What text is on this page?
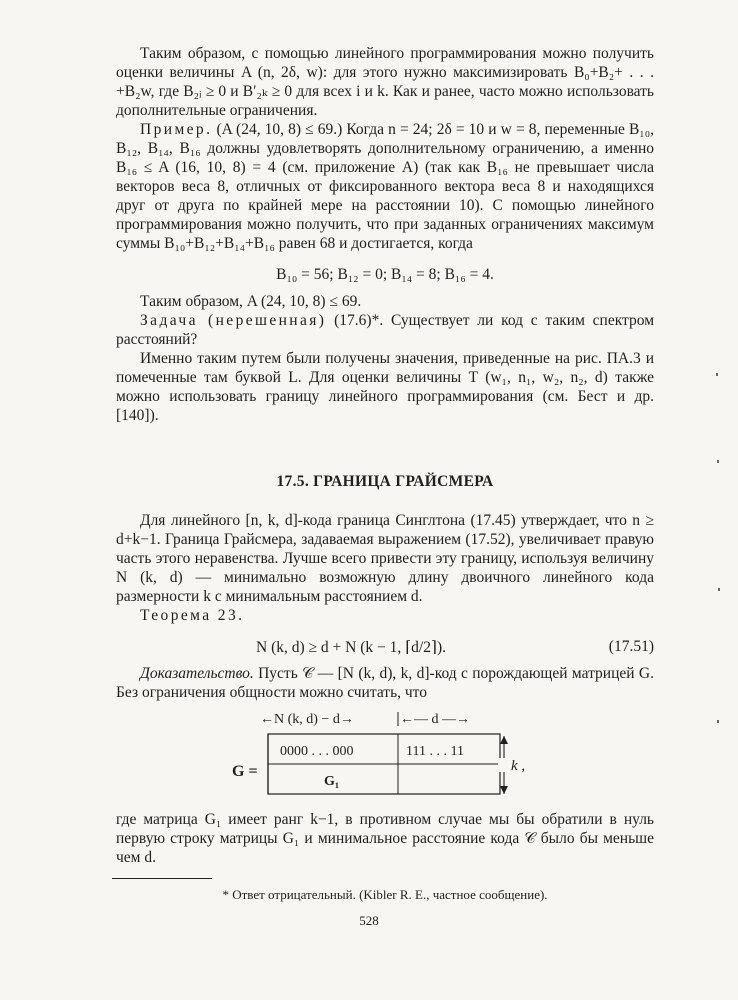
Таким образом, с помощью линейного программирования можно получить оценки величины A (n, 2δ, w): для этого нужно максимизировать B₀+B₂+ . . . +B₂w, где B₂ᵢ ≥ 0 и B′₂ₖ ≥ 0 для всех i и k. Как и ранее, часто можно использовать дополнительные ограничения.

Пример. (A (24, 10, 8) ≤ 69.) Когда n = 24; 2δ = 10 и w = 8, переменные B₁₀, B₁₂, B₁₄, B₁₆ должны удовлетворять дополнительному ограничению, а именно B₁₆ ≤ A (16, 10, 8) = 4 (см. приложение А) (так как B₁₆ не превышает числа векторов веса 8, отличных от фиксированного вектора веса 8 и находящихся друг от друга по крайней мере на расстоянии 10). С помощью линейного программирования можно получить, что при заданных ограничениях максимум суммы B₁₀+B₁₂+B₁₄+B₁₆ равен 68 и достигается, когда

B₁₀ = 56; B₁₂ = 0; B₁₄ = 8; B₁₆ = 4.

Таким образом, A (24, 10, 8) ≤ 69.

Задача (нерешенная) (17.6)*. Существует ли код с таким спектром расстояний?

Именно таким путем были получены значения, приведенные на рис. ПА.3 и помеченные там буквой L. Для оценки величины T (w₁, n₁, w₂, n₂, d) также можно использовать границу линейного программирования (см. Бест и др. [140]).

17.5. ГРАНИЦА ГРАЙСМЕРА

Для линейного [n, k, d]-кода граница Синглтона (17.45) утверждает, что n ≥ d+k−1. Граница Грайсмера, задаваемая выражением (17.52), увеличивает правую часть этого неравенства. Лучше всего привести эту границу, используя величину N (k, d) — минимально возможную длину двоичного линейного кода размерности k с минимальным расстоянием d.

Теорема 23.

N (k, d) ≥ d + N (k − 1, ⌈d/2⌉).	(17.51)

Доказательство. Пусть 𝒞 — [N (k, d), k, d]-код с порождающей матрицей G. Без ограничения общности можно считать, что

←N (k, d) − d→	←— d —→
G =
0000 . . . 000	111 . . . 11
G₁
k ,

где матрица G₁ имеет ранг k−1, в противном случае мы бы обратили в нуль первую строку матрицы G₁ и минимальное расстояние кода 𝒞 было бы меньше чем d.

* Ответ отрицательный. (Kibler R. E., частное сообщение).
528
